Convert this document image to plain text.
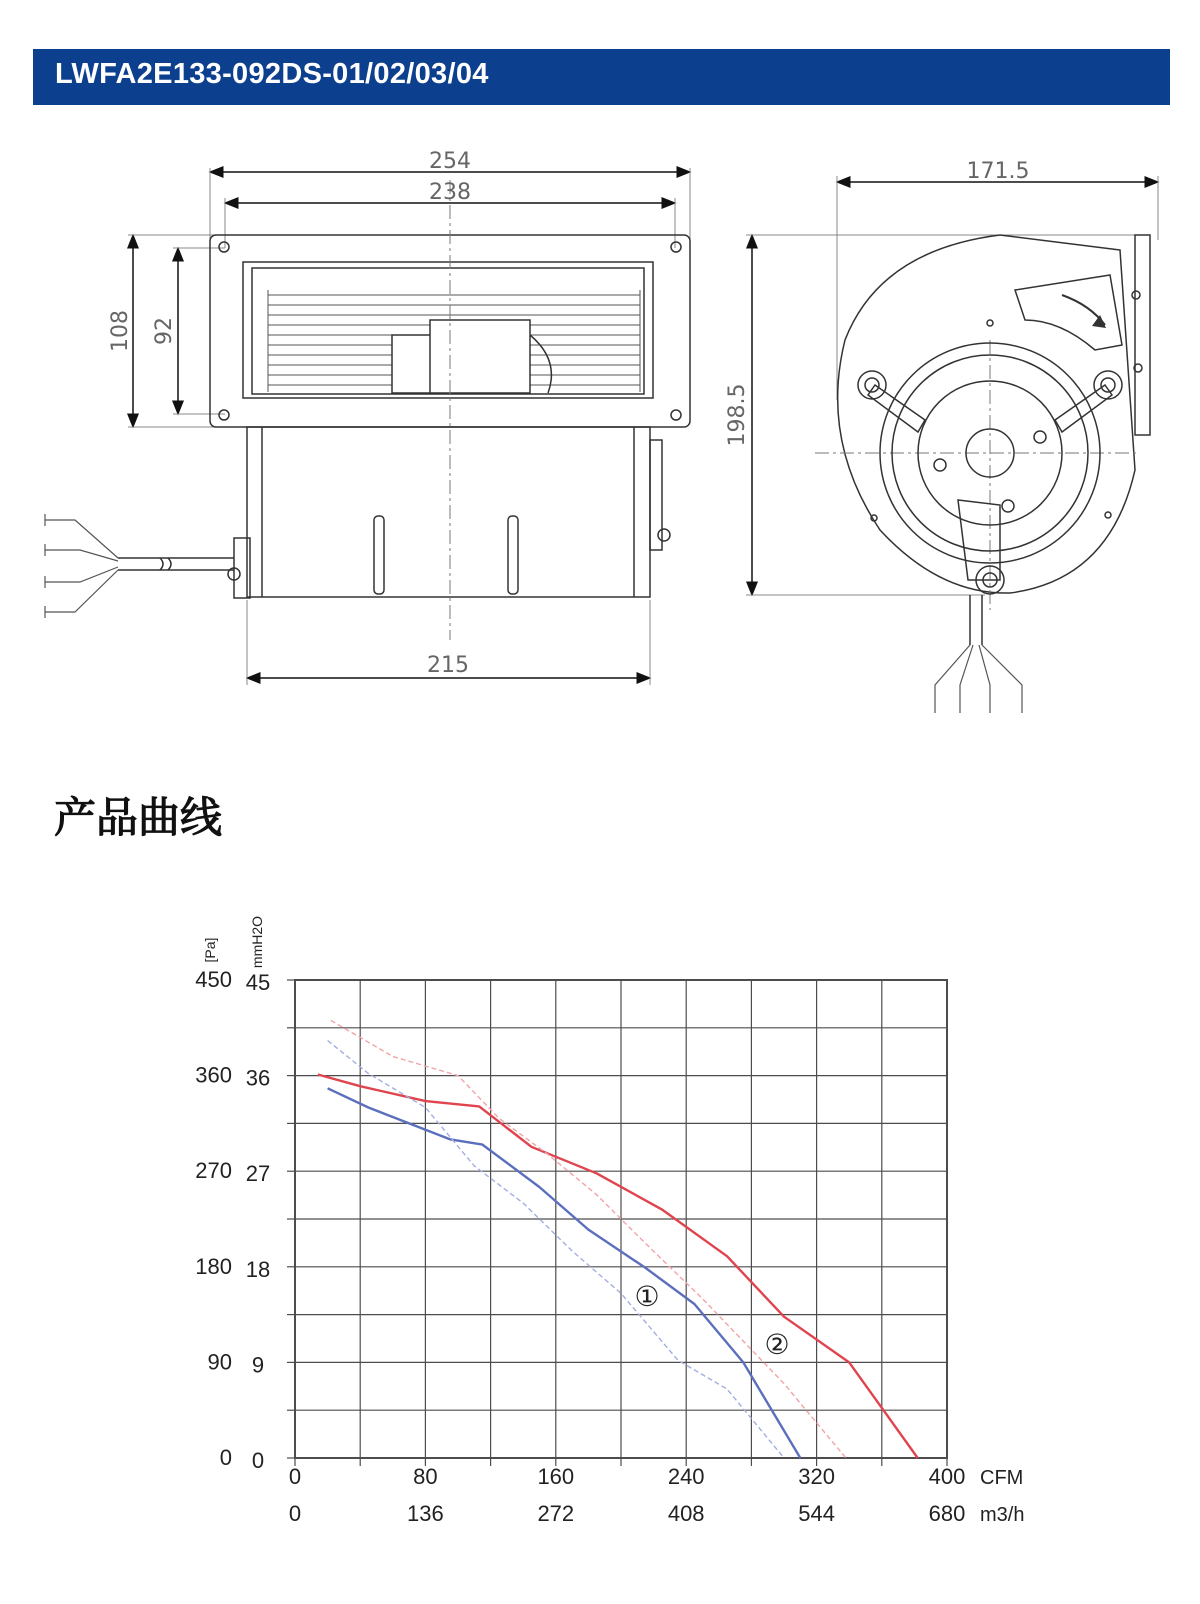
LWFA2E133-092DS-01/02/03/04
254
238
108 92
215
171.5
198.5
产品曲线
0
90
180
270
360
450
0
9
18
27
36
45
0	80	160	240	320	400
0	136	272	408	544	680
[Pa] mmH2O
CFM
m3/h
①
②
